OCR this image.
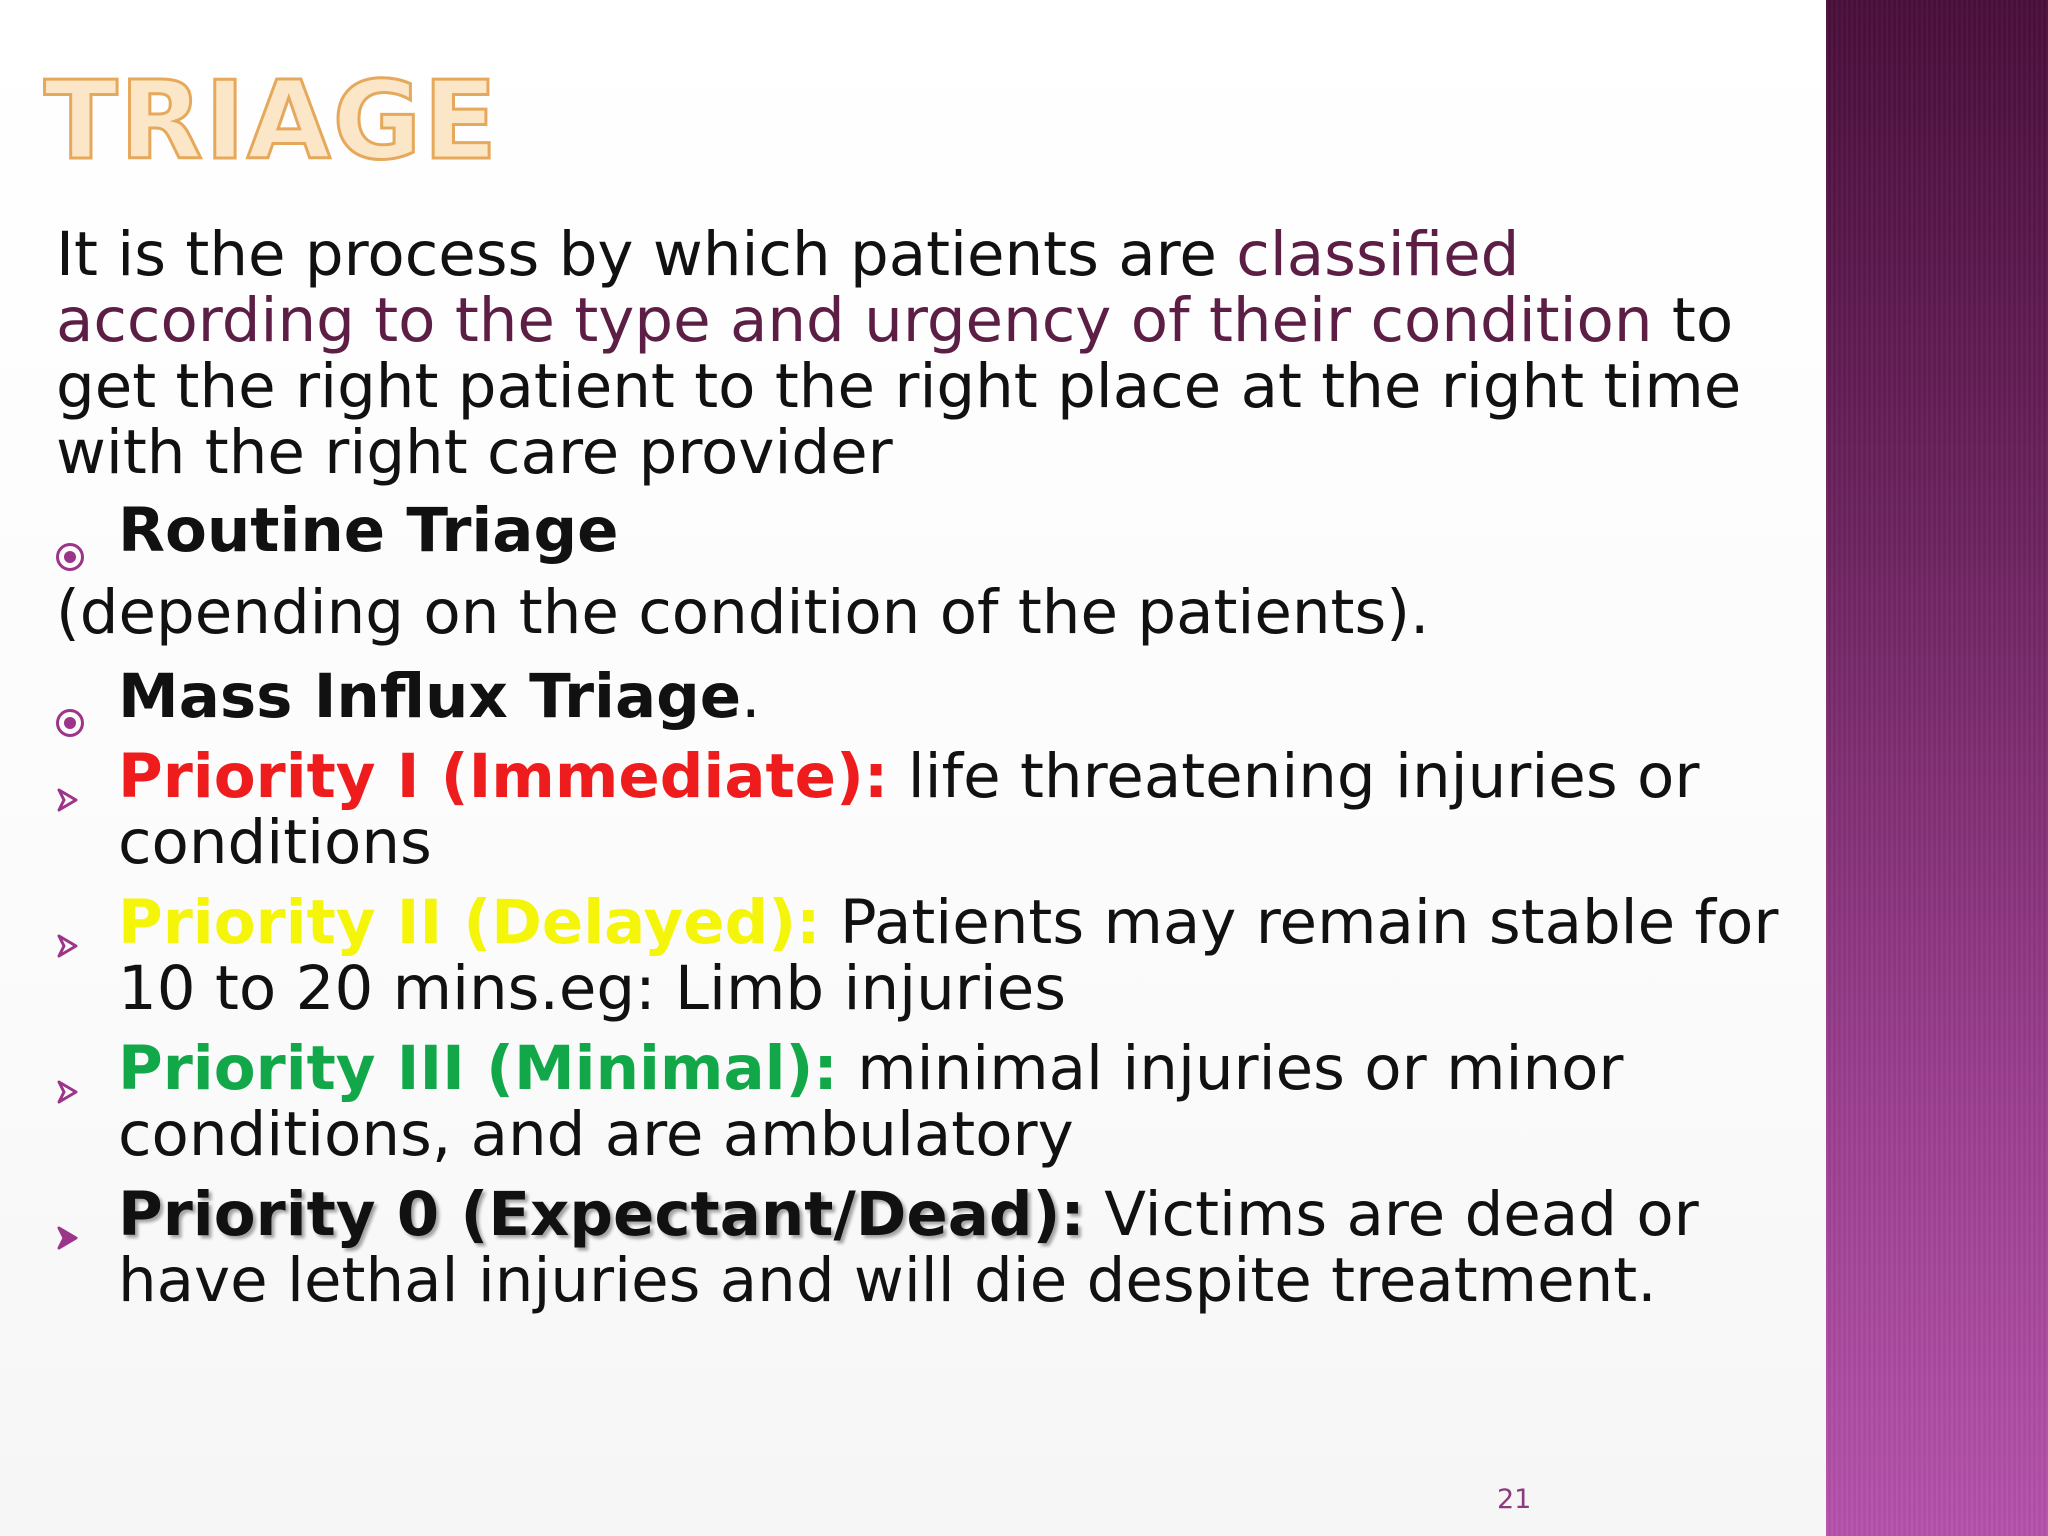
TRIAGE

It is the process by which patients are classified according to the type and urgency of their condition to get the right patient to the right place at the right time with the right care provider

Routine Triage
(depending on the condition of the patients).
Mass Influx Triage.
Priority I (Immediate): life threatening injuries or conditions
Priority II (Delayed): Patients may remain stable for 10 to 20 mins.eg: Limb injuries
Priority III (Minimal): minimal injuries or minor conditions, and are ambulatory
Priority 0 (Expectant/Dead): Victims are dead or have lethal injuries and will die despite treatment.
21
